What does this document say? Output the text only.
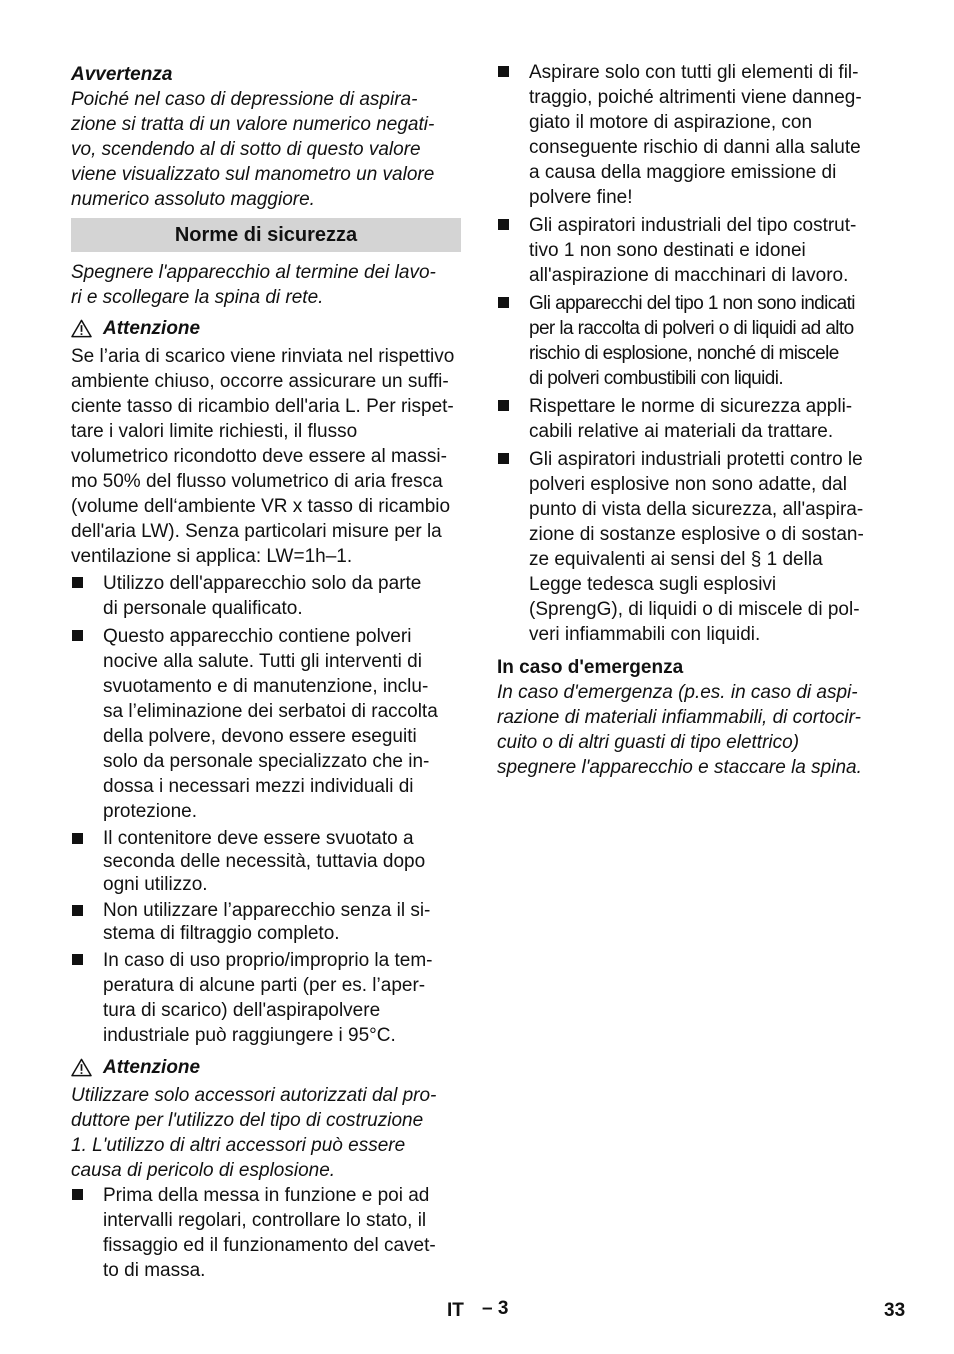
Avvertenza

Poiché nel caso di depressione di aspira-

zione si tratta di un valore numerico negati-

vo, scendendo al di sotto di questo valore

viene visualizzato sul manometro un valore

numerico assoluto maggiore.

Norme di sicurezza

Spegnere l'apparecchio al termine dei lavo-

ri e scollegare la spina di rete.

Attenzione

Se l’aria di scarico viene rinviata nel rispettivo

ambiente chiuso, occorre assicurare un suffi-

ciente tasso di ricambio dell'aria L. Per rispet-

tare i valori limite richiesti, il flusso

volumetrico ricondotto deve essere al massi-

mo 50% del flusso volumetrico di aria fresca

(volume dell‘ambiente VR x tasso di ricambio

dell'aria LW). Senza particolari misure per la

ventilazione si applica: LW=1h–1.

Utilizzo dell'apparecchio solo da parte

di personale qualificato.

Questo apparecchio contiene polveri

nocive alla salute. Tutti gli interventi di

svuotamento e di manutenzione, inclu-

sa l’eliminazione dei serbatoi di raccolta

della polvere, devono essere eseguiti

solo da personale specializzato che in-

dossa i necessari mezzi individuali di

protezione.

Il contenitore deve essere svuotato a

seconda delle necessità, tuttavia dopo

ogni utilizzo.

Non utilizzare l’apparecchio senza il si-

stema di filtraggio completo.

In caso di uso proprio/improprio la tem-

peratura di alcune parti (per es. l’aper-

tura di scarico) dell'aspirapolvere

industriale può raggiungere i 95°C.

Attenzione

Utilizzare solo accessori autorizzati dal pro-

duttore per l'utilizzo del tipo di costruzione

1. L'utilizzo di altri accessori può essere

causa di pericolo di esplosione.

Prima della messa in funzione e poi ad

intervalli regolari, controllare lo stato, il

fissaggio ed il funzionamento del cavet-

to di massa.

Aspirare solo con tutti gli elementi di fil-

traggio, poiché altrimenti viene danneg-

giato il motore di aspirazione, con

conseguente rischio di danni alla salute

a causa della maggiore emissione di

polvere fine!

Gli aspiratori industriali del tipo costrut-

tivo 1 non sono destinati e idonei

all'aspirazione di macchinari di lavoro.

Gli apparecchi del tipo 1 non sono indicati

per la raccolta di polveri o di liquidi ad alto

rischio di esplosione, nonché di miscele

di polveri combustibili con liquidi.

Rispettare le norme di sicurezza appli-

cabili relative ai materiali da trattare.

Gli aspiratori industriali protetti contro le

polveri esplosive non sono adatte, dal

punto di vista della sicurezza, all'aspira-

zione di sostanze esplosive o di sostan-

ze equivalenti ai sensi del § 1 della

Legge tedesca sugli esplosivi

(SprengG), di liquidi o di miscele di pol-

veri infiammabili con liquidi.

In caso d'emergenza

In caso d'emergenza (p.es. in caso di aspi-

razione di materiali infiammabili, di cortocir-

cuito o di altri guasti di tipo elettrico)

spegnere l'apparecchio e staccare la spina.

IT – 3	33
